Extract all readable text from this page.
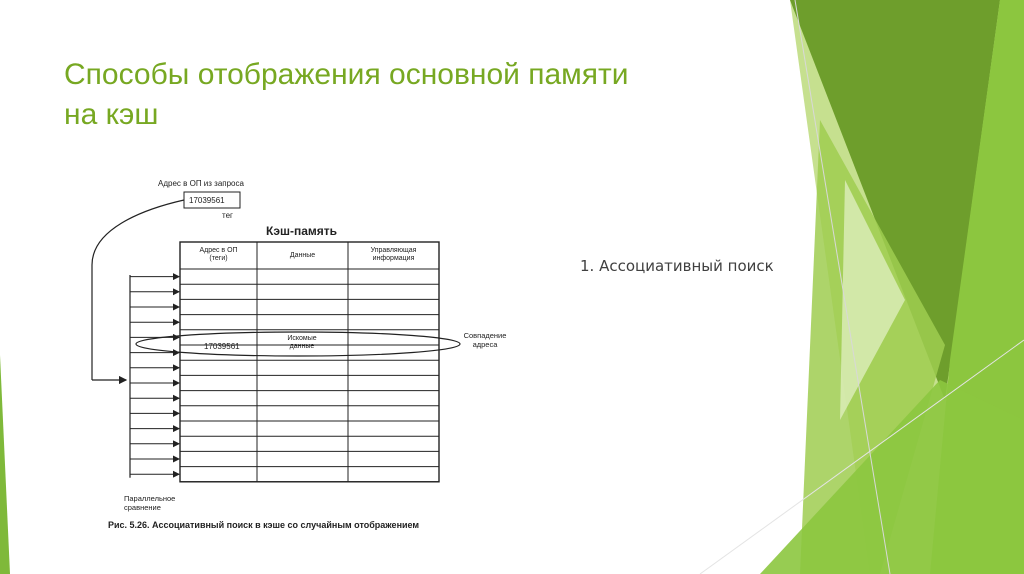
Способы отображения основной памяти
на кэш
1. Ассоциативный поиск
Адрес в ОП из запроса
17039561
тег
Кэш-память
Адрес в ОП
(теги)	Данные
Управляющая
информация
17039561
Искомые
данные
Совпадение
адреса
Параллельное
сравнение
Рис. 5.26. Ассоциативный поиск в кэше со случайным отображением
